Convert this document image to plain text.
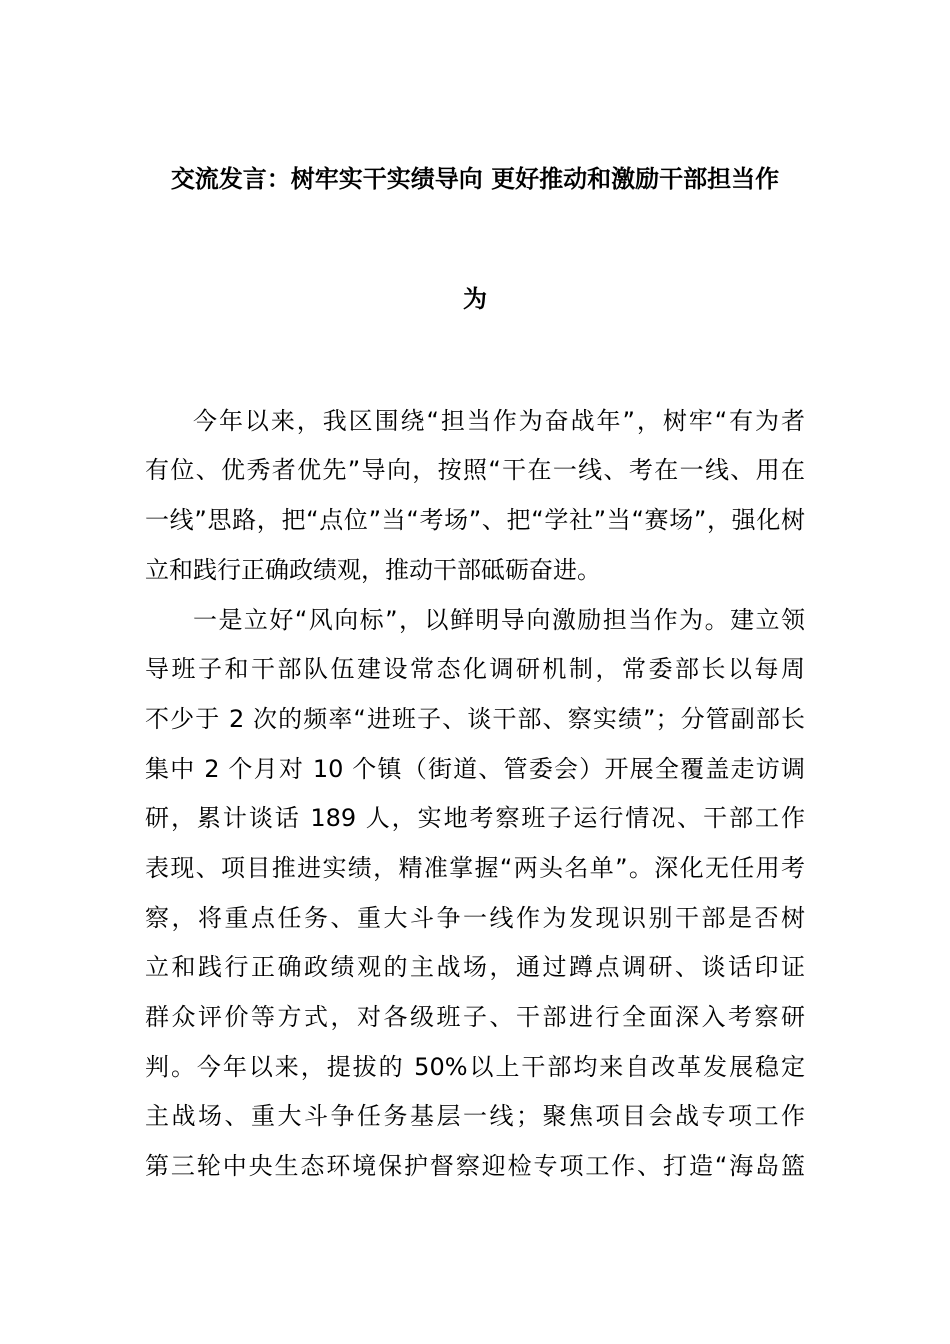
交流发言：树牢实干实绩导向 更好推动和激励干部担当作
为
今年以来，我区围绕“担当作为奋战年”，树牢“有为者
有位、优秀者优先”导向，按照“干在一线、考在一线、用在
一线”思路，把“点位”当“考场”、把“学社”当“赛场”，强化树
立和践行正确政绩观，推动干部砥砺奋进。
一是立好“风向标”，以鲜明导向激励担当作为。建立领
导班子和干部队伍建设常态化调研机制，常委部长以每周
不少于 2 次的频率“进班子、谈干部、察实绩”；分管副部长
集中 2 个月对 10 个镇（街道、管委会）开展全覆盖走访调
研，累计谈话 189 人，实地考察班子运行情况、干部工作
表现、项目推进实绩，精准掌握“两头名单”。深化无任用考
察，将重点任务、重大斗争一线作为发现识别干部是否树
立和践行正确政绩观的主战场，通过蹲点调研、谈话印证
群众评价等方式，对各级班子、干部进行全面深入考察研
判。今年以来，提拔的 50%以上干部均来自改革发展稳定
主战场、重大斗争任务基层一线；聚焦项目会战专项工作
第三轮中央生态环境保护督察迎检专项工作、打造“海岛篮
